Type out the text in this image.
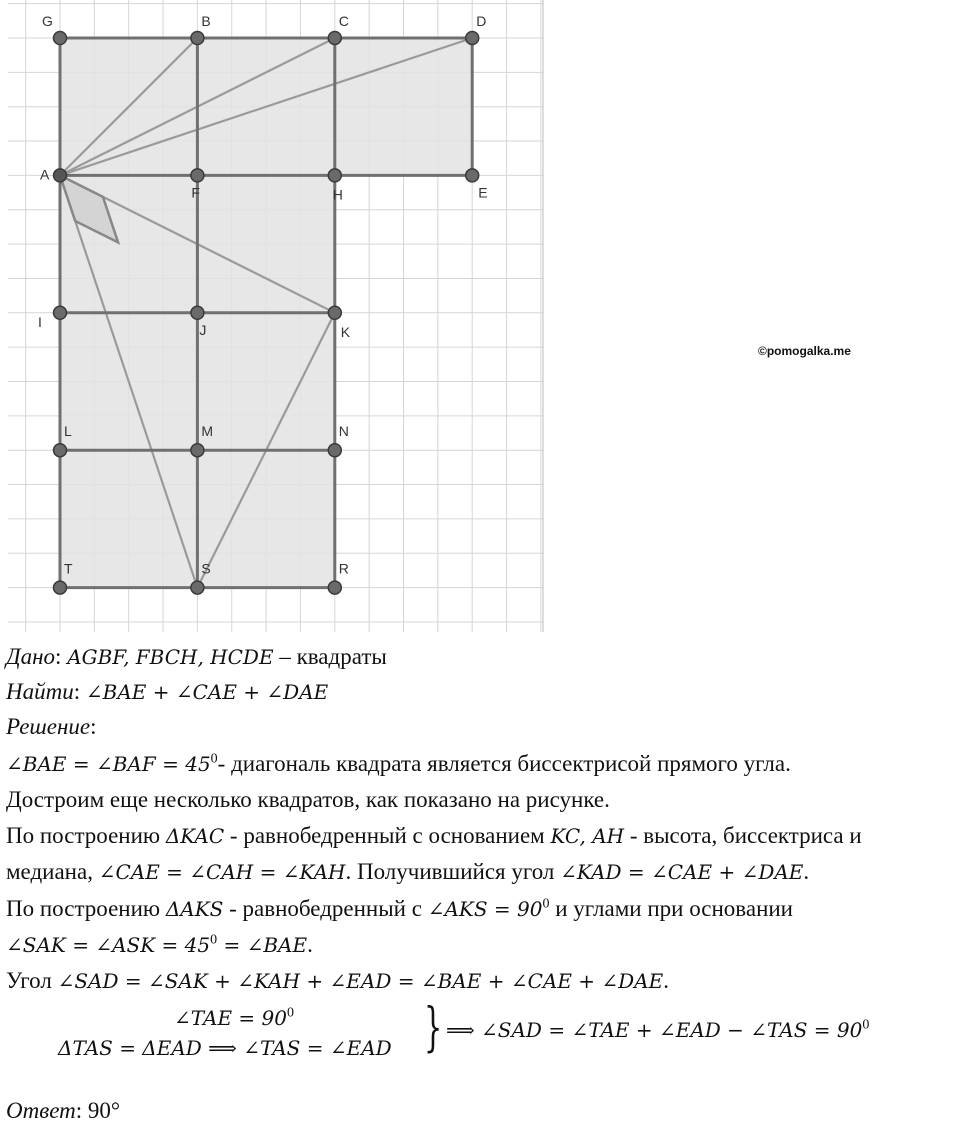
G	B	C	D
A
F	H	E
I	J	K
L	M	N
T	S	R
©pomogalka.me
Дано: AGBF, FBCH, HCDE – квадраты
Найти: ∠BAE + ∠CAE + ∠DAE
Решение:
∠BAE = ∠BAF = $45^0-$ диагональ квадрата является биссектрисой прямого угла.
Достроим еще несколько квадратов, как показано на рисунке.
По построению ΔKAC - равнобедренный с основанием KC, AH - высота, биссектриса и
медиана, ∠CAE = ∠CAH = ∠KAH. Получившийся угол ∠KAD = ∠CAE + ∠DAE.
По построению ΔAKS - равнобедренный с ∠AKS = $90^0$ и углами при основании
∠SAK = ∠ASK = $45^0$ = ∠BAE.
Угол ∠SAD = ∠SAK + ∠KAH + ∠EAD = ∠BAE + ∠CAE + ∠DAE.
∠TAE = $90^0$
ΔTAS = ΔEAD ⟹ ∠TAS = ∠EAD } ⟹ ∠SAD = ∠TAE + ∠EAD − ∠TAS = $90^0$
Ответ: 90°
